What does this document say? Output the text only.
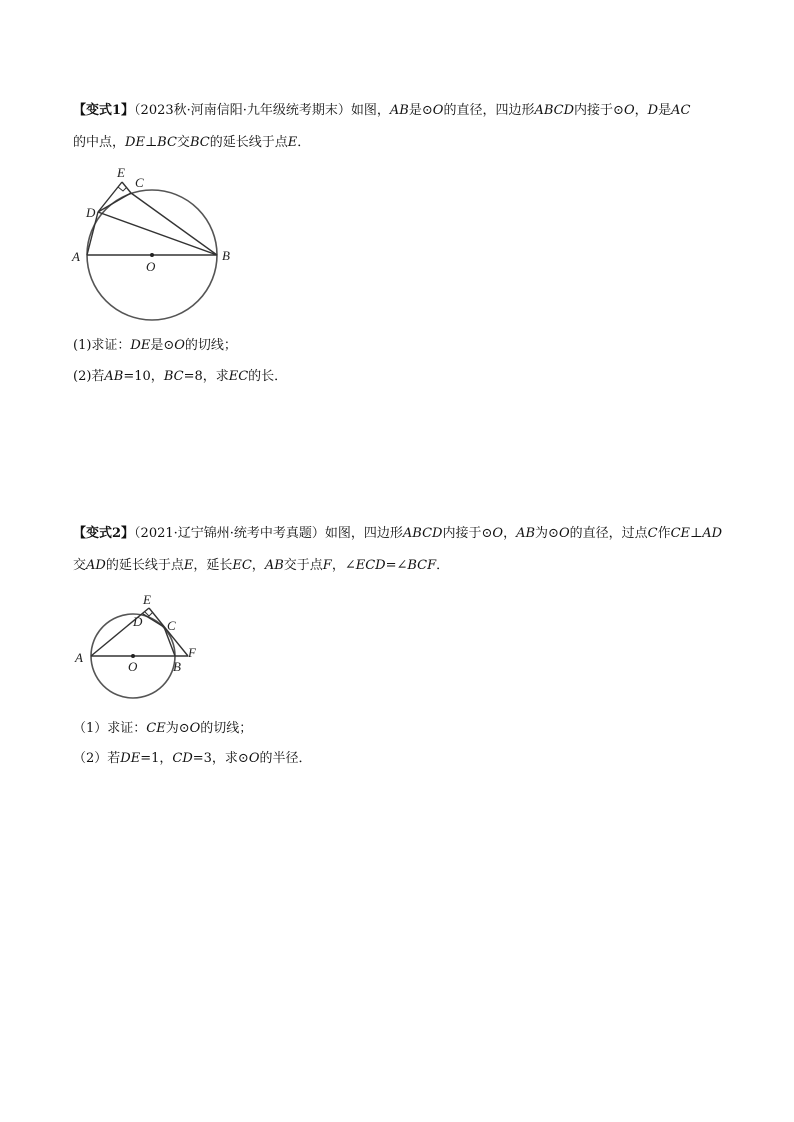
【变式1】（2023秋·河南信阳·九年级统考期末）如图，AB是⊙O的直径，四边形ABCD内接于⊙O，D是AC
的中点，DE⊥BC交BC的延长线于点E．
E
C
D
A	B
O
(1)求证：DE是⊙O的切线；
(2)若AB=10，BC=8，求EC的长．
【变式2】（2021·辽宁锦州·统考中考真题）如图，四边形ABCD内接于⊙O，AB为⊙O的直径，过点C作CE⊥AD
交AD的延长线于点E，延长EC，AB交于点F，∠ECD=∠BCF．
E
D C
A
O	B
F
（1）求证：CE为⊙O的切线；
（2）若DE=1，CD=3，求⊙O的半径．
